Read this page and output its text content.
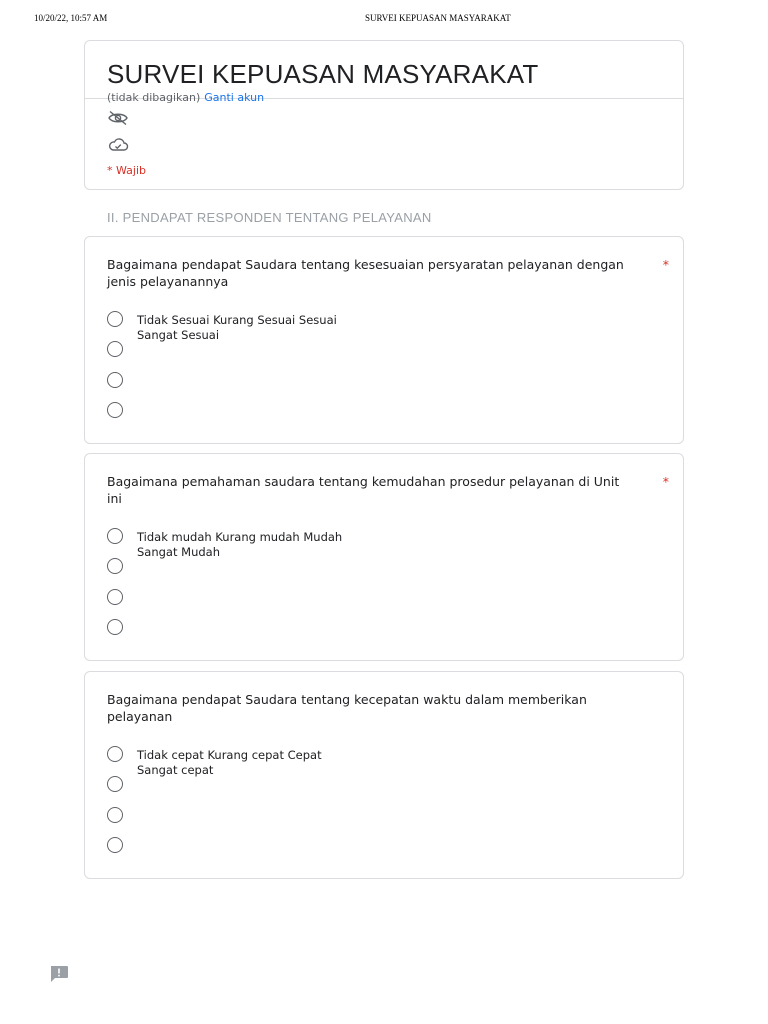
10/20/22, 10:57 AM	SURVEI KEPUASAN MASYARAKAT
SURVEI KEPUASAN MASYARAKAT
(tidak dibagikan) Ganti akun
* Wajib
II. PENDAPAT RESPONDEN TENTANG PELAYANAN
Bagaimana pendapat Saudara tentang kesesuaian persyaratan pelayanan dengan
jenis pelayanannya
*
Tidak Sesuai Kurang Sesuai Sesuai
Sangat Sesuai
Bagaimana pemahaman saudara tentang kemudahan prosedur pelayanan di Unit
ini
*
Tidak mudah Kurang mudah Mudah
Sangat Mudah
Bagaimana pendapat Saudara tentang kecepatan waktu dalam memberikan
pelayanan
Tidak cepat Kurang cepat Cepat
Sangat cepat
